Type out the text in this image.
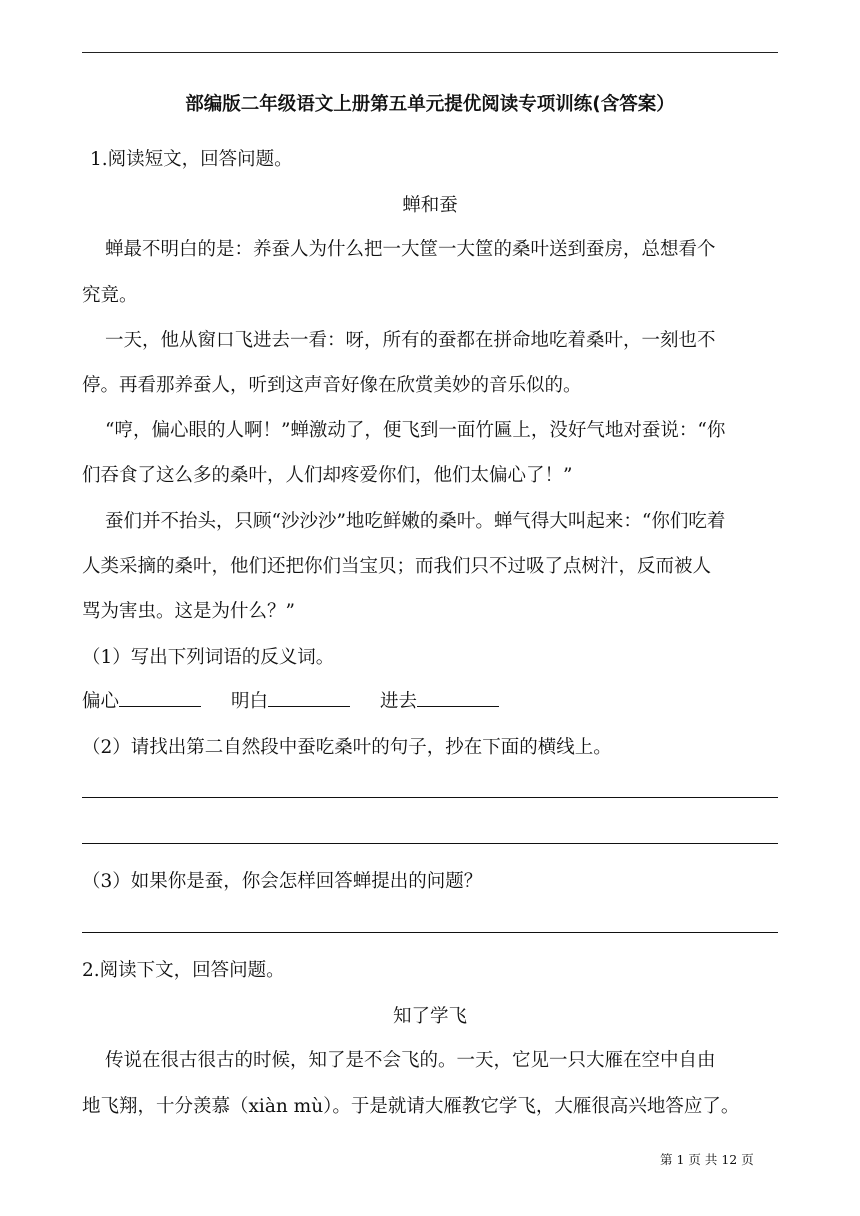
部编版二年级语文上册第五单元提优阅读专项训练(含答案）
1.阅读短文，回答问题。
蝉和蚕
蝉最不明白的是：养蚕人为什么把一大筐一大筐的桑叶送到蚕房，总想看个
究竟。
一天，他从窗口飞进去一看：呀，所有的蚕都在拼命地吃着桑叶，一刻也不
停。再看那养蚕人，听到这声音好像在欣赏美妙的音乐似的。
“哼，偏心眼的人啊！”蝉激动了，便飞到一面竹匾上，没好气地对蚕说：“你
们吞食了这么多的桑叶，人们却疼爱你们，他们太偏心了！”
蚕们并不抬头，只顾“沙沙沙”地吃鲜嫩的桑叶。蝉气得大叫起来：“你们吃着
人类采摘的桑叶，他们还把你们当宝贝；而我们只不过吸了点树汁，反而被人
骂为害虫。这是为什么？”
（1）写出下列词语的反义词。
偏心	明白	进去
（2）请找出第二自然段中蚕吃桑叶的句子，抄在下面的横线上。
（3）如果你是蚕，你会怎样回答蝉提出的问题？
2.阅读下文，回答问题。
知了学飞
传说在很古很古的时候，知了是不会飞的。一天，它见一只大雁在空中自由
地飞翔，十分羡慕（xiàn mù）。于是就请大雁教它学飞，大雁很高兴地答应了。
第 1 页 共 12 页
